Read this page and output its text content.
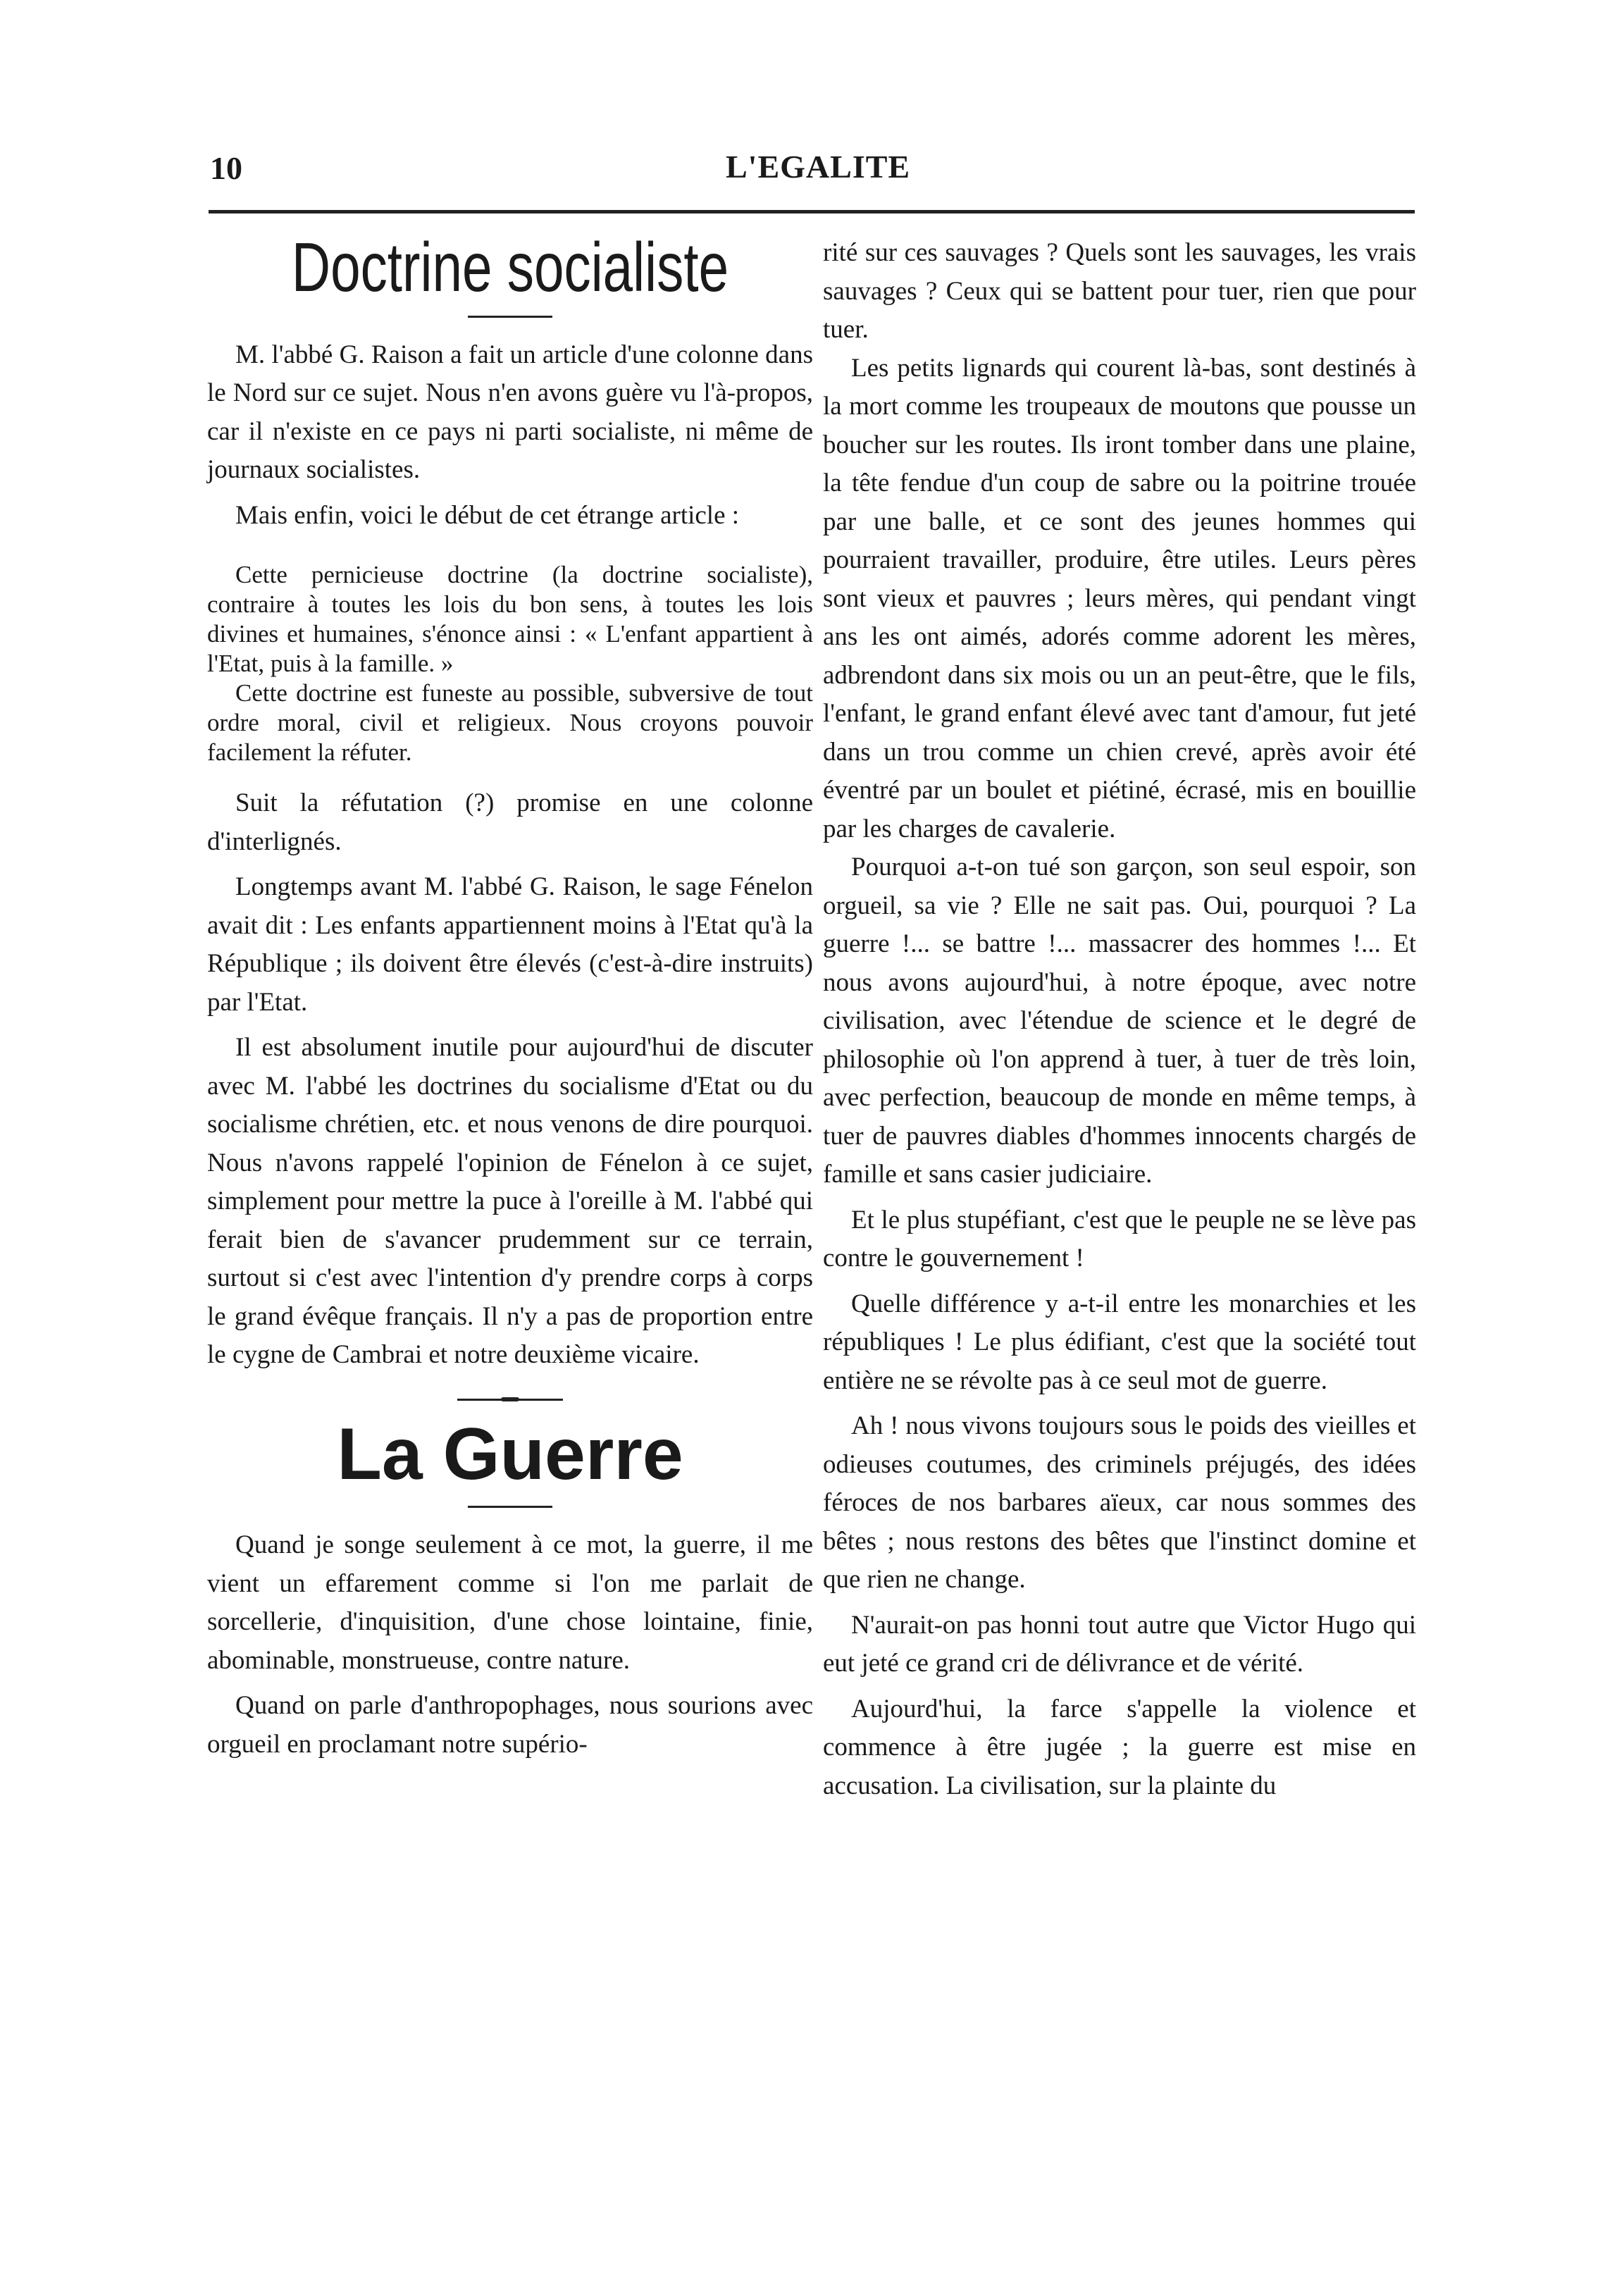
10	L'EGALITE
Doctrine socialiste

M. l'abbé G. Raison a fait un article d'une colonne dans le Nord sur ce sujet. Nous n'en avons guère vu l'à-propos, car il n'existe en ce pays ni parti socialiste, ni même de journaux socialistes.

Mais enfin, voici le début de cet étrange article :

Cette pernicieuse doctrine (la doctrine socialiste), contraire à toutes les lois du bon sens, à toutes les lois divines et humaines, s'énonce ainsi : « L'enfant appartient à l'Etat, puis à la famille. »

Cette doctrine est funeste au possible, subversive de tout ordre moral, civil et religieux. Nous croyons pouvoir facilement la réfuter.

Suit la réfutation (?) promise en une colonne d'interlignés.

Longtemps avant M. l'abbé G. Raison, le sage Fénelon avait dit : Les enfants appartiennent moins à l'Etat qu'à la République ; ils doivent être élevés (c'est-à-dire instruits) par l'Etat.

Il est absolument inutile pour aujourd'hui de discuter avec M. l'abbé les doctrines du socialisme d'Etat ou du socialisme chrétien, etc. et nous venons de dire pourquoi. Nous n'avons rappelé l'opinion de Fénelon à ce sujet, simplement pour mettre la puce à l'oreille à M. l'abbé qui ferait bien de s'avancer prudemment sur ce terrain, surtout si c'est avec l'intention d'y prendre corps à corps le grand évêque français. Il n'y a pas de proportion entre le cygne de Cambrai et notre deuxième vicaire.

La Guerre

Quand je songe seulement à ce mot, la guerre, il me vient un effarement comme si l'on me parlait de sorcellerie, d'inquisition, d'une chose lointaine, finie, abominable, monstrueuse, contre nature.

Quand on parle d'anthropophages, nous sourions avec orgueil en proclamant notre supério-

rité sur ces sauvages ? Quels sont les sauvages, les vrais sauvages ? Ceux qui se battent pour tuer, rien que pour tuer.

Les petits lignards qui courent là-bas, sont destinés à la mort comme les troupeaux de moutons que pousse un boucher sur les routes. Ils iront tomber dans une plaine, la tête fendue d'un coup de sabre ou la poitrine trouée par une balle, et ce sont des jeunes hommes qui pourraient travailler, produire, être utiles. Leurs pères sont vieux et pauvres ; leurs mères, qui pendant vingt ans les ont aimés, adorés comme adorent les mères, adbrendont dans six mois ou un an peut-être, que le fils, l'enfant, le grand enfant élevé avec tant d'amour, fut jeté dans un trou comme un chien crevé, après avoir été éventré par un boulet et piétiné, écrasé, mis en bouillie par les charges de cavalerie.

Pourquoi a-t-on tué son garçon, son seul espoir, son orgueil, sa vie ? Elle ne sait pas. Oui, pourquoi ? La guerre !... se battre !... massacrer des hommes !... Et nous avons aujourd'hui, à notre époque, avec notre civilisation, avec l'étendue de science et le degré de philosophie où l'on apprend à tuer, à tuer de très loin, avec perfection, beaucoup de monde en même temps, à tuer de pauvres diables d'hommes innocents chargés de famille et sans casier judiciaire.

Et le plus stupéfiant, c'est que le peuple ne se lève pas contre le gouvernement !

Quelle différence y a-t-il entre les monarchies et les républiques ! Le plus édifiant, c'est que la société tout entière ne se révolte pas à ce seul mot de guerre.

Ah ! nous vivons toujours sous le poids des vieilles et odieuses coutumes, des criminels préjugés, des idées féroces de nos barbares aïeux, car nous sommes des bêtes ; nous restons des bêtes que l'instinct domine et que rien ne change.

N'aurait-on pas honni tout autre que Victor Hugo qui eut jeté ce grand cri de délivrance et de vérité.

Aujourd'hui, la farce s'appelle la violence et commence à être jugée ; la guerre est mise en accusation. La civilisation, sur la plainte du
